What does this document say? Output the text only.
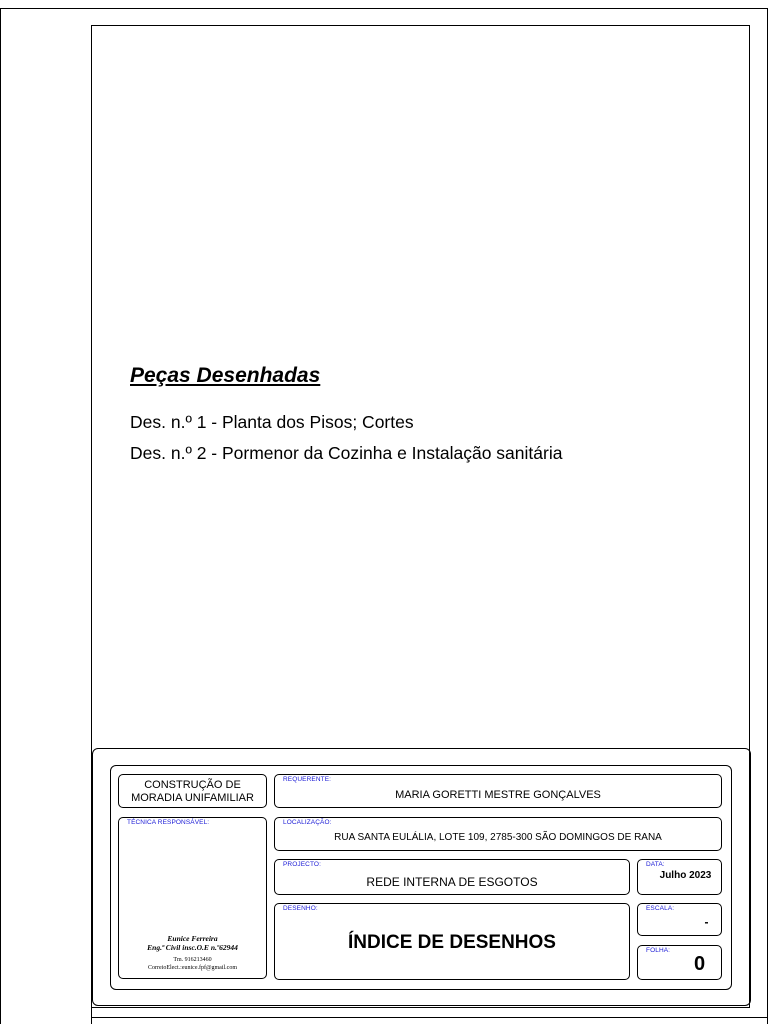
Peças Desenhadas
Des. n.º 1 - Planta dos Pisos; Cortes
Des. n.º 2 - Pormenor da Cozinha e Instalação sanitária
CONSTRUÇÃO DE MORADIA UNIFAMILIAR
REQUERENTE:
MARIA GORETTI MESTRE GONÇALVES
TÉCNICA RESPONSÁVEL:
Eunice Ferreira
Eng.ª Civil insc.O.E n.º62944
Tm. 916213460
CorreioElect.:eunice.fpf@gmail.com
LOCALIZAÇÃO:
RUA SANTA EULÁLIA, LOTE 109, 2785-300 SÃO DOMINGOS DE RANA
PROJECTO:
REDE INTERNA DE ESGOTOS
DATA:
Julho 2023
DESENHO:
ÍNDICE DE DESENHOS
ESCALA:
-
FOLHA:
0
